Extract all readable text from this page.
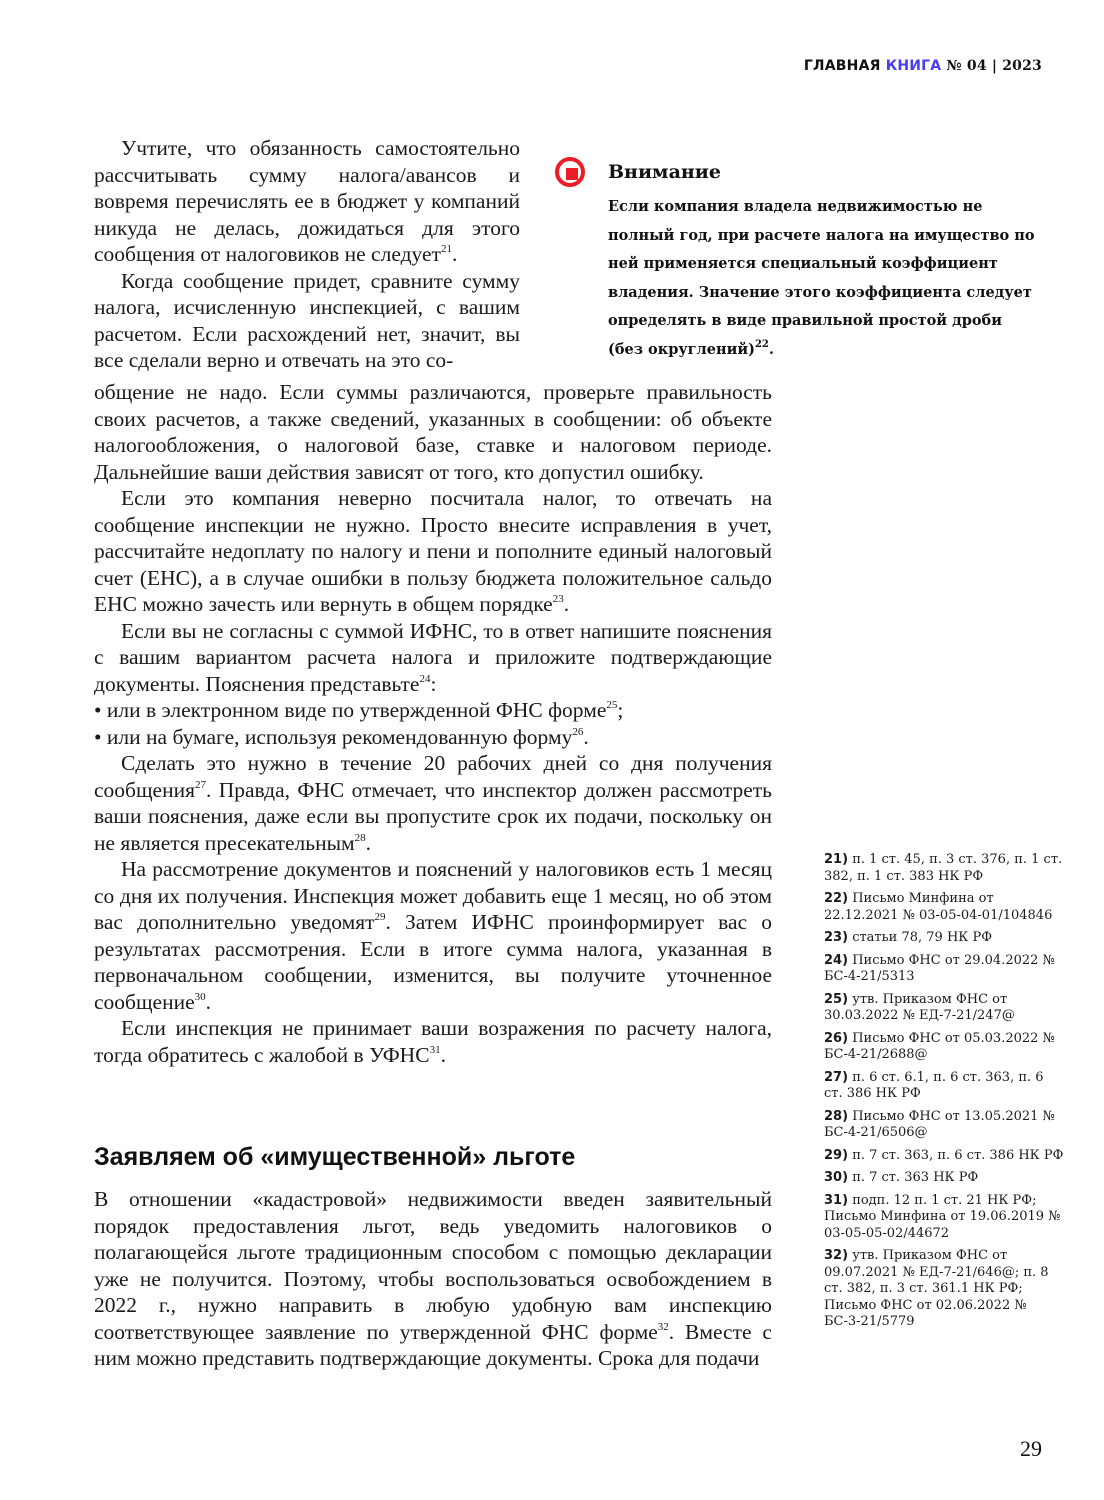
ГЛАВНАЯ КНИГА № 04 | 2023
Внимание
Если компания владела недвижимостью не полный год, при расчете налога на имущество по ней применяется специальный коэффициент владения. Значение этого коэффициента следует определять в виде правильной простой дроби (без округлений)$^{22}$.

Учтите, что обязанность самостоятельно рассчитывать сумму налога/авансов и вовремя перечислять ее в бюджет у компаний никуда не делась, дожидаться для этого сообщения от налоговиков не следует$^{21}$.

Когда сообщение придет, сравните сумму налога, исчисленную инспекцией, с вашим расчетом. Если расхождений нет, значит, вы все сделали верно и отвечать на это со-

общение не надо. Если суммы различаются, проверьте правильность своих расчетов, а также сведений, указанных в сообщении: об объекте налогообложения, о налоговой базе, ставке и налоговом периоде. Дальнейшие ваши действия зависят от того, кто допустил ошибку.

Если это компания неверно посчитала налог, то отвечать на сообщение инспекции не нужно. Просто внесите исправления в учет, рассчитайте недоплату по налогу и пени и пополните единый налоговый счет (ЕНС), а в случае ошибки в пользу бюджета положительное сальдо ЕНС можно зачесть или вернуть в общем порядке$^{23}$.

Если вы не согласны с суммой ИФНС, то в ответ напишите пояснения с вашим вариантом расчета налога и приложите подтверждающие документы. Пояснения представьте$^{24}$:

• или в электронном виде по утвержденной ФНС форме$^{25}$;

• или на бумаге, используя рекомендованную форму$^{26}$.

Сделать это нужно в течение 20 рабочих дней со дня получения сообщения$^{27}$. Правда, ФНС отмечает, что инспектор должен рассмотреть ваши пояснения, даже если вы пропустите срок их подачи, поскольку он не является пресекательным$^{28}$.

На рассмотрение документов и пояснений у налоговиков есть 1 месяц со дня их получения. Инспекция может добавить еще 1 месяц, но об этом вас дополнительно уведомят$^{29}$. Затем ИФНС проинформирует вас о результатах рассмотрения. Если в итоге сумма налога, указанная в первоначальном сообщении, изменится, вы получите уточненное сообщение$^{30}$.

Если инспекция не принимает ваши возражения по расчету налога, тогда обратитесь с жалобой в УФНС$^{31}$.

Заявляем об «имущественной» льготе

В отношении «кадастровой» недвижимости введен заявительный порядок предоставления льгот, ведь уведомить налоговиков о полагающейся льготе традиционным способом с помощью декларации уже не получится. Поэтому, чтобы воспользоваться освобождением в 2022 г., нужно направить в любую удобную вам инспекцию соответствующее заявление по утвержденной ФНС форме$^{32}$. Вместе с ним можно представить подтверждающие документы. Срока для подачи

21) п. 1 ст. 45, п. 3 ст. 376, п. 1 ст. 382, п. 1 ст. 383 НК РФ

22) Письмо Минфина от 22.12.2021 № 03-05-04-01/104846

23) статьи 78, 79 НК РФ

24) Письмо ФНС от 29.04.2022 № БС-4-21/5313

25) утв. Приказом ФНС от 30.03.2022 № ЕД-7-21/247@

26) Письмо ФНС от 05.03.2022 № БС-4-21/2688@

27) п. 6 ст. 6.1, п. 6 ст. 363, п. 6 ст. 386 НК РФ

28) Письмо ФНС от 13.05.2021 № БС-4-21/6506@

29) п. 7 ст. 363, п. 6 ст. 386 НК РФ

30) п. 7 ст. 363 НК РФ

31) подп. 12 п. 1 ст. 21 НК РФ; Письмо Минфина от 19.06.2019 № 03-05-05-02/44672

32) утв. Приказом ФНС от 09.07.2021 № ЕД-7-21/646@; п. 8 ст. 382, п. 3 ст. 361.1 НК РФ; Письмо ФНС от 02.06.2022 № БС-3-21/5779

29
